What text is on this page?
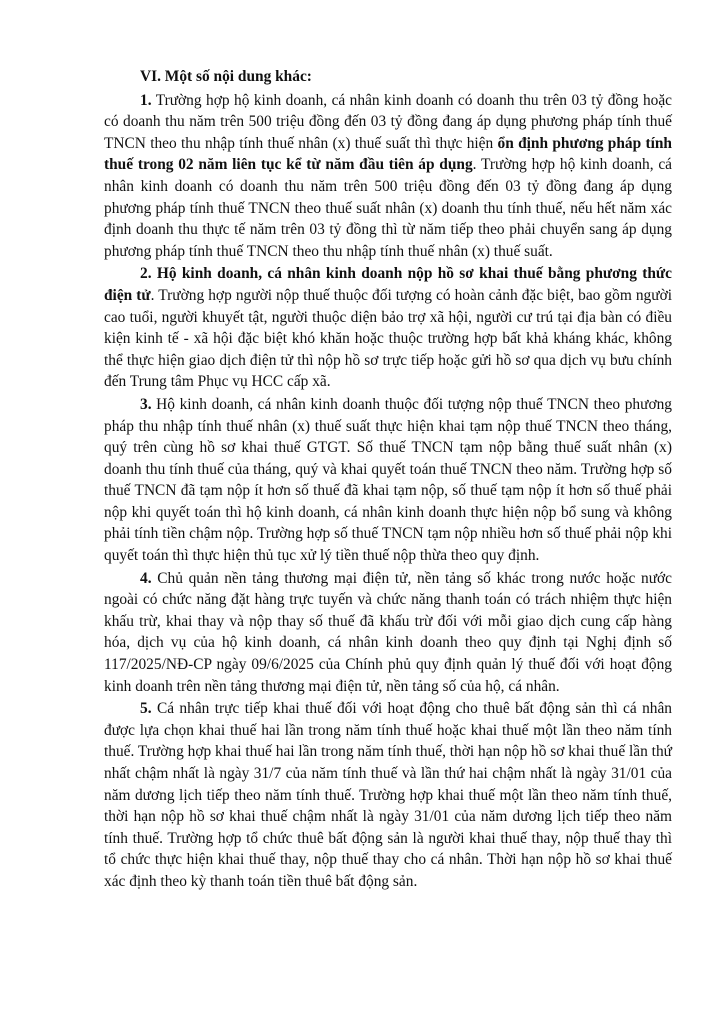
VI. Một số nội dung khác:

1. Trường hợp hộ kinh doanh, cá nhân kinh doanh có doanh thu trên 03 tỷ đồng hoặc có doanh thu năm trên 500 triệu đồng đến 03 tỷ đồng đang áp dụng phương pháp tính thuế TNCN theo thu nhập tính thuế nhân (x) thuế suất thì thực hiện ổn định phương pháp tính thuế trong 02 năm liên tục kể từ năm đầu tiên áp dụng. Trường hợp hộ kinh doanh, cá nhân kinh doanh có doanh thu năm trên 500 triệu đồng đến 03 tỷ đồng đang áp dụng phương pháp tính thuế TNCN theo thuế suất nhân (x) doanh thu tính thuế, nếu hết năm xác định doanh thu thực tế năm trên 03 tỷ đồng thì từ năm tiếp theo phải chuyển sang áp dụng phương pháp tính thuế TNCN theo thu nhập tính thuế nhân (x) thuế suất.

2. Hộ kinh doanh, cá nhân kinh doanh nộp hồ sơ khai thuế bằng phương thức điện tử. Trường hợp người nộp thuế thuộc đối tượng có hoàn cảnh đặc biệt, bao gồm người cao tuổi, người khuyết tật, người thuộc diện bảo trợ xã hội, người cư trú tại địa bàn có điều kiện kinh tế - xã hội đặc biệt khó khăn hoặc thuộc trường hợp bất khả kháng khác, không thể thực hiện giao dịch điện tử thì nộp hồ sơ trực tiếp hoặc gửi hồ sơ qua dịch vụ bưu chính đến Trung tâm Phục vụ HCC cấp xã.

3. Hộ kinh doanh, cá nhân kinh doanh thuộc đối tượng nộp thuế TNCN theo phương pháp thu nhập tính thuế nhân (x) thuế suất thực hiện khai tạm nộp thuế TNCN theo tháng, quý trên cùng hồ sơ khai thuế GTGT. Số thuế TNCN tạm nộp bằng thuế suất nhân (x) doanh thu tính thuế của tháng, quý và khai quyết toán thuế TNCN theo năm. Trường hợp số thuế TNCN đã tạm nộp ít hơn số thuế đã khai tạm nộp, số thuế tạm nộp ít hơn số thuế phải nộp khi quyết toán thì hộ kinh doanh, cá nhân kinh doanh thực hiện nộp bổ sung và không phải tính tiền chậm nộp. Trường hợp số thuế TNCN tạm nộp nhiều hơn số thuế phải nộp khi quyết toán thì thực hiện thủ tục xử lý tiền thuế nộp thừa theo quy định.

4. Chủ quản nền tảng thương mại điện tử, nền tảng số khác trong nước hoặc nước ngoài có chức năng đặt hàng trực tuyến và chức năng thanh toán có trách nhiệm thực hiện khấu trừ, khai thay và nộp thay số thuế đã khấu trừ đối với mỗi giao dịch cung cấp hàng hóa, dịch vụ của hộ kinh doanh, cá nhân kinh doanh theo quy định tại Nghị định số 117/2025/NĐ-CP ngày 09/6/2025 của Chính phủ quy định quản lý thuế đối với hoạt động kinh doanh trên nền tảng thương mại điện tử, nền tảng số của hộ, cá nhân.

5. Cá nhân trực tiếp khai thuế đối với hoạt động cho thuê bất động sản thì cá nhân được lựa chọn khai thuế hai lần trong năm tính thuế hoặc khai thuế một lần theo năm tính thuế. Trường hợp khai thuế hai lần trong năm tính thuế, thời hạn nộp hồ sơ khai thuế lần thứ nhất chậm nhất là ngày 31/7 của năm tính thuế và lần thứ hai chậm nhất là ngày 31/01 của năm dương lịch tiếp theo năm tính thuế. Trường hợp khai thuế một lần theo năm tính thuế, thời hạn nộp hồ sơ khai thuế chậm nhất là ngày 31/01 của năm dương lịch tiếp theo năm tính thuế. Trường hợp tổ chức thuê bất động sản là người khai thuế thay, nộp thuế thay thì tổ chức thực hiện khai thuế thay, nộp thuế thay cho cá nhân. Thời hạn nộp hồ sơ khai thuế xác định theo kỳ thanh toán tiền thuê bất động sản.
